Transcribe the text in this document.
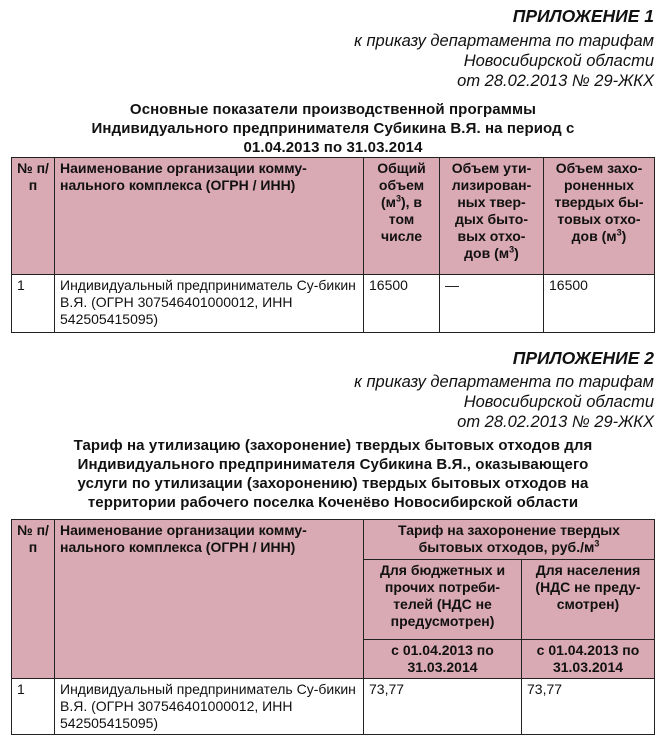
ПРИЛОЖЕНИЕ 1
к приказу департамента по тарифам
Новосибирской области
от 28.02.2013 № 29-ЖКХ
Основные показатели производственной программы
Индивидуального предпринимателя Субикина В.Я. на период с
01.04.2013 по 31.03.2014
№ п/п	Наименование организации комму-нального комплекса (ОГРН / ИНН)	Общий объем $(м^3)$, в том числе	Объем ути-лизирован-ных твер-дых быто-вых отхо-дов $(м^3)$	Объем захо-роненных твердых бы-товых отхо-дов $(м^3)$
1	Индивидуальный предприниматель Су-бикин В.Я. (ОГРН 307546401000012, ИНН 542505415095)	16500	—	16500
ПРИЛОЖЕНИЕ 2
к приказу департамента по тарифам
Новосибирской области
от 28.02.2013 № 29-ЖКХ
Тариф на утилизацию (захоронение) твердых бытовых отходов для
Индивидуального предпринимателя Субикина В.Я., оказывающего
услуги по утилизации (захоронению) твердых бытовых отходов на
территории рабочего поселка Коченёво Новосибирской области
№ п/п	Наименование организации комму-нального комплекса (ОГРН / ИНН)	Тариф на захоронение твердых бытовых отходов, $руб./м^3$
		Для бюджетных и прочих потреби-телей (НДС не предусмотрен)	Для населения (НДС не преду-смотрен)
		с 01.04.2013 по 31.03.2014	с 01.04.2013 по 31.03.2014
1	Индивидуальный предприниматель Су-бикин В.Я. (ОГРН 307546401000012, ИНН 542505415095)	73,77	73,77
